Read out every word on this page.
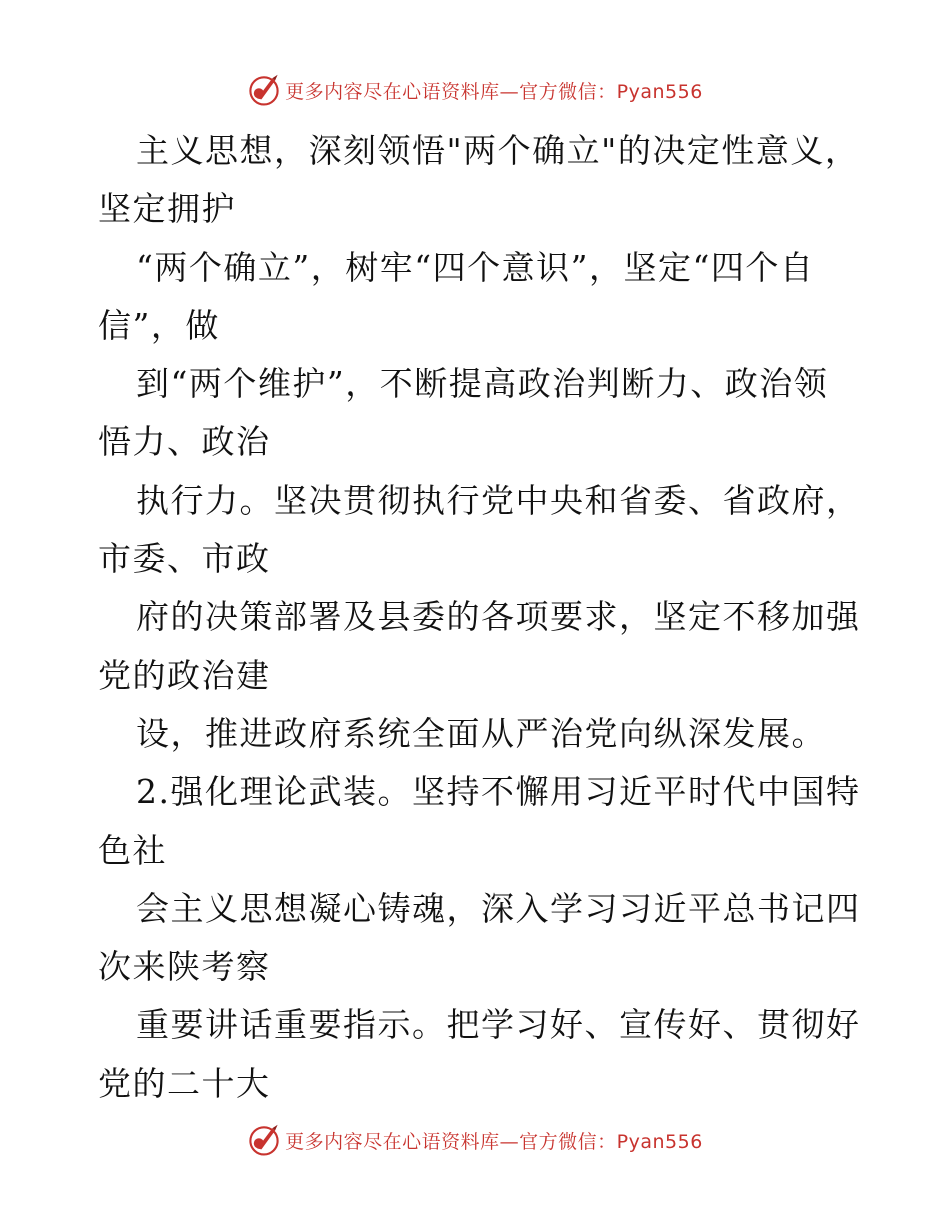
更多内容尽在心语资料库—官方微信：Pyan556
主义思想，深刻领悟"两个确立"的决定性意义，
坚定拥护
“两个确立”，树牢“四个意识”，坚定“四个自
信”，做
到“两个维护”，不断提高政治判断力、政治领
悟力、政治
执行力。坚决贯彻执行党中央和省委、省政府，
市委、市政
府的决策部署及县委的各项要求，坚定不移加强
党的政治建
设，推进政府系统全面从严治党向纵深发展。
2.强化理论武装。坚持不懈用习近平时代中国特
色社
会主义思想凝心铸魂，深入学习习近平总书记四
次来陕考察
重要讲话重要指示。把学习好、宣传好、贯彻好
党的二十大
更多内容尽在心语资料库—官方微信：Pyan556
